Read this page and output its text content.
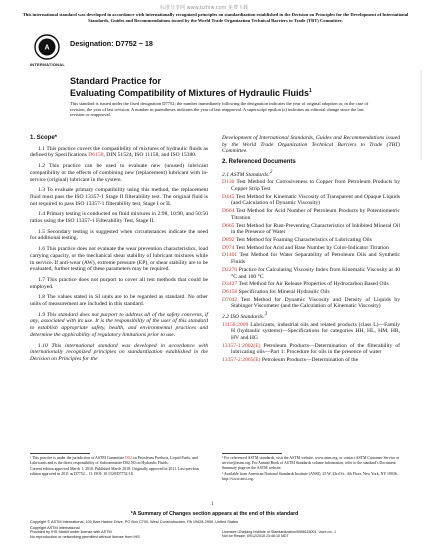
标准分享网 www.bzfxw.com 免费下载
This international standard was developed in accordance with internationally recognized principles on standardization established in the Decision on Principles for the Development of International Standards, Guides and Recommendations issued by the World Trade Organization Technical Barriers to Trade (TBT) Committee.
A
INTERNATIONAL
Designation: D7752 − 18
Standard Practice for
Evaluating Compatibility of Mixtures of Hydraulic Fluids$^1$
This standard is issued under the fixed designation D7752; the number immediately following the designation indicates the year of original adoption or, in the case of revision, the year of last revision. A number in parentheses indicates the year of last reapproval. A superscript epsilon (ε) indicates an editorial change since the last revision or reapproval.
1. Scope*

1.1 This practice covers the compatibility of mixtures of hydraulic fluids as defined by Specifications D6158, DIN 51524, ISO 11158, and ISO 15380.

1.2 This practice can be used to evaluate new (unused) lubricant compatibility or the effects of combining new (replacement) lubricant with in-service (original) lubricant in the system.

1.3 To evaluate primary compatibility using this method, the replacement fluid must pass the ISO 13357-1 Stage II filterability test. The original fluid is not required to pass ISO 13357-1 filterability test, Stage I or II.

1.4 Primary testing is conducted on fluid mixtures in 2:98, 10:90, and 50:50 ratios using the ISO 13357-1 Filterability Test, Stage II.

1.5 Secondary testing is suggested when circumstances indicate the need for additional testing.

1.6 This practice does not evaluate the wear prevention characteristics, load carrying capacity, or the mechanical shear stability of lubricant mixtures while in service. If anti-wear (AW), extreme pressure (EP), or shear stability are to be evaluated, further testing of these parameters may be required.

1.7 This practice does not purport to cover all test methods that could be employed.

1.8 The values stated in SI units are to be regarded as standard. No other units of measurement are included in this standard.

1.9 This standard does not purport to address all of the safety concerns, if any, associated with its use. It is the responsibility of the user of this standard to establish appropriate safety, health, and environmental practices and determine the applicability of regulatory limitations prior to use.

1.10 This international standard was developed in accordance with internationally recognized principles on standardization established in the Decision on Principles for the

¹ This practice is under the jurisdiction of ASTM Committee D02 on Petroleum Products, Liquid Fuels, and Lubricants and is the direct responsibility of Subcommittee D02.N0 on Hydraulic Fluids.
Current edition approved March 1, 2018. Published March 2018. Originally approved in 2011. Last previous edition approved in 2011 as D7752 – 11. DOI: 10.1520/D7752-18.

Development of International Standards, Guides and Recommendations issued by the World Trade Organization Technical Barriers to Trade (TBT) Committee.

2. Referenced Documents
2.1 ASTM Standards:$^2$
D130 Test Method for Corrosiveness to Copper from Petroleum Products by Copper Strip Test
D445 Test Method for Kinematic Viscosity of Transparent and Opaque Liquids (and Calculation of Dynamic Viscosity)
D664 Test Method for Acid Number of Petroleum Products by Potentiometric Titration
D665 Test Method for Rust-Preventing Characteristics of Inhibited Mineral Oil in the Presence of Water
D892 Test Method for Foaming Characteristics of Lubricating Oils
D974 Test Method for Acid and Base Number by Color-Indicator Titration
D1401 Test Method for Water Separability of Petroleum Oils and Synthetic Fluids
D2270 Practice for Calculating Viscosity Index from Kinematic Viscosity at 40 °C and 100 °C
D3427 Test Method for Air Release Properties of Hydrocarbon Based Oils
D6158 Specification for Mineral Hydraulic Oils
D7042 Test Method for Dynamic Viscosity and Density of Liquids by Stabinger Viscometer (and the Calculation of Kinematic Viscosity)
2.2 ISO Standards:$^3$
11158:2009 Lubricants, industrial oils and related products (class L)—Family H (hydraulic systems)—Specifications for categories HH, HL, HM, HR, HV and HG
13357-1:2002(E) Petroleum Products—Determination of the filterability of lubricating oils—Part 1: Procedure for oils in the presence of water
13357-2:2005(E) Petroleum Products—Determination of the
² For referenced ASTM standards, visit the ASTM website, www.astm.org, or contact ASTM Customer Service at service@astm.org. For Annual Book of ASTM Standards volume information, refer to the standard's Document Summary page on the ASTM website.
³ Available from American National Standards Institute (ANSI), 25 W. 43rd St., 4th Floor, New York, NY 10036, http://www.ansi.org.
1
*A Summary of Changes section appears at the end of this standard
Copyright © ASTM International, 100 Barr Harbor Drive, PO Box C700, West Conshohocken, PA 19428-2959. United States
Copyright ASTM International
Provided by IHS Markit under license with ASTM
No reproduction or networking permitted without license from IHS
Licensee=Zhejiang Institute of Standardization/5956115001, User=xx, J
Not for Resale, 09/12/2018 23:46:10 MDT
